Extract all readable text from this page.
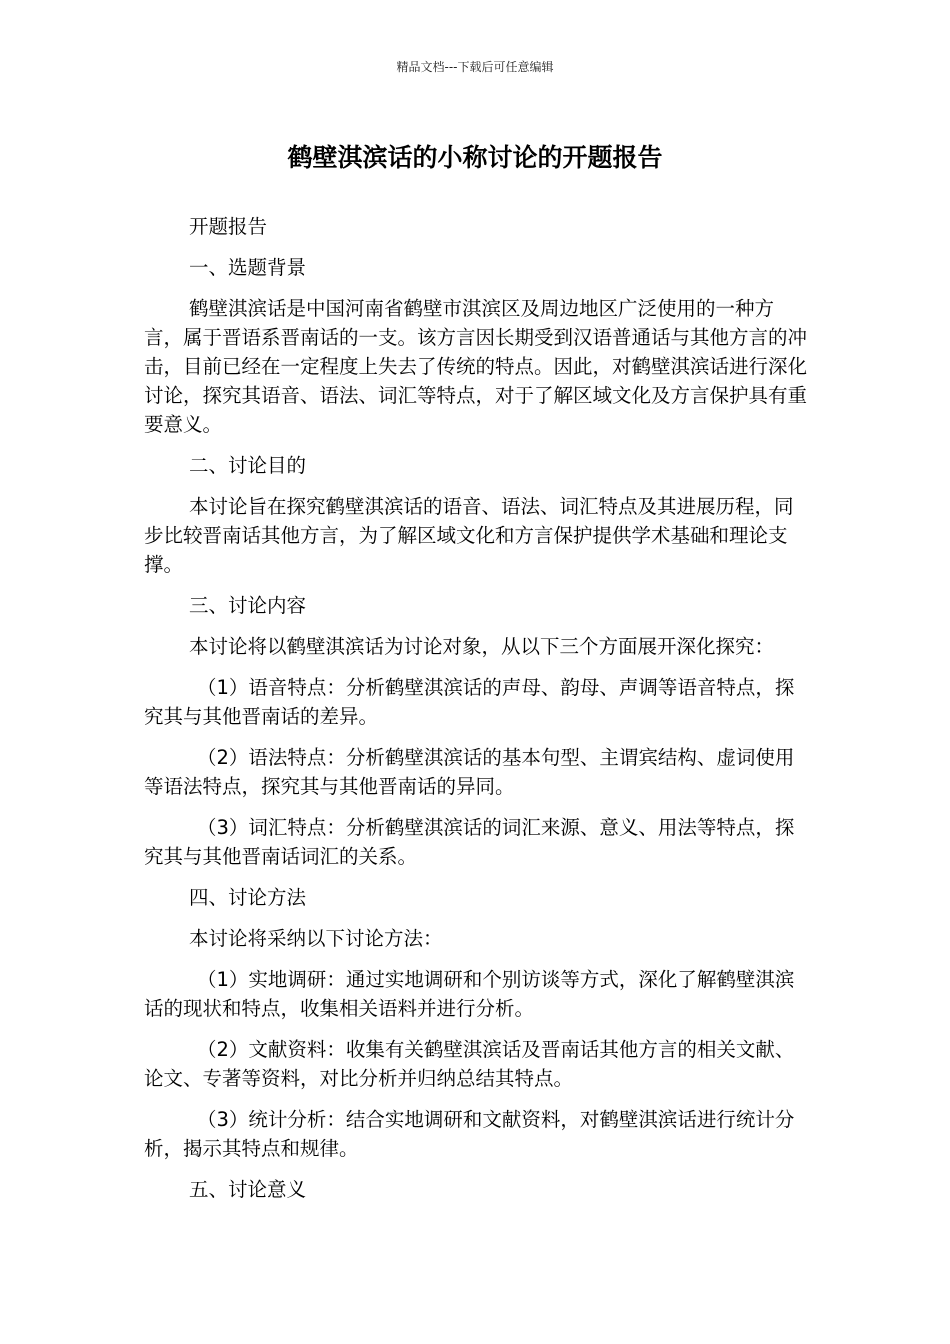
精品文档---下载后可任意编辑
鹤壁淇滨话的小称讨论的开题报告

开题报告

一、选题背景

鹤壁淇滨话是中国河南省鹤壁市淇滨区及周边地区广泛使用的一种方言，属于晋语系晋南话的一支。该方言因长期受到汉语普通话与其他方言的冲击，目前已经在一定程度上失去了传统的特点。因此，对鹤壁淇滨话进行深化讨论，探究其语音、语法、词汇等特点，对于了解区域文化及方言保护具有重要意义。

二、讨论目的

本讨论旨在探究鹤壁淇滨话的语音、语法、词汇特点及其进展历程，同步比较晋南话其他方言，为了解区域文化和方言保护提供学术基础和理论支撑。

三、讨论内容

本讨论将以鹤壁淇滨话为讨论对象，从以下三个方面展开深化探究：

（1）语音特点：分析鹤壁淇滨话的声母、韵母、声调等语音特点，探究其与其他晋南话的差异。

（2）语法特点：分析鹤壁淇滨话的基本句型、主谓宾结构、虚词使用等语法特点，探究其与其他晋南话的异同。

（3）词汇特点：分析鹤壁淇滨话的词汇来源、意义、用法等特点，探究其与其他晋南话词汇的关系。

四、讨论方法

本讨论将采纳以下讨论方法：

（1）实地调研：通过实地调研和个别访谈等方式，深化了解鹤壁淇滨话的现状和特点，收集相关语料并进行分析。

（2）文献资料：收集有关鹤壁淇滨话及晋南话其他方言的相关文献、论文、专著等资料，对比分析并归纳总结其特点。

（3）统计分析：结合实地调研和文献资料，对鹤壁淇滨话进行统计分析，揭示其特点和规律。

五、讨论意义
